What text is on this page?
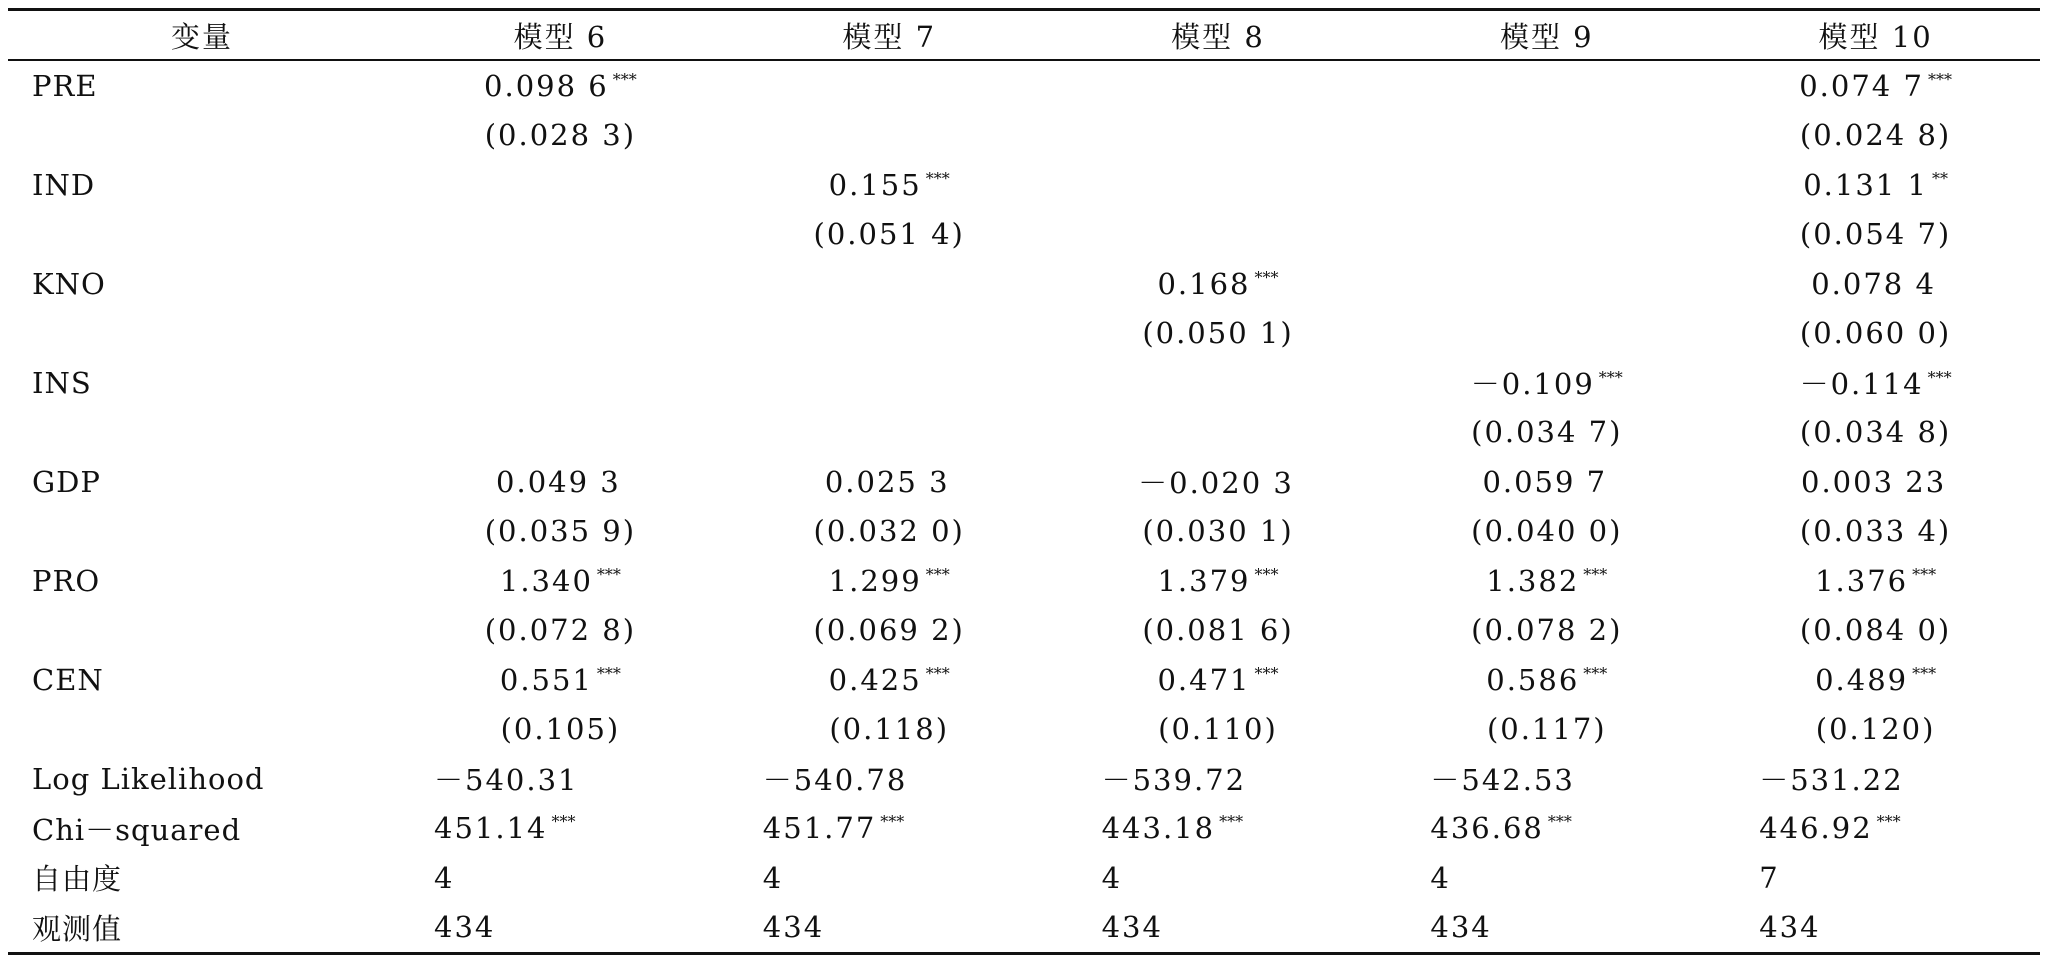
变量	模型 6	模型 7	模型 8	模型 9	模型 10
PRE	0.098 6 ***				0.074 7 ***
	(0.028 3)				(0.024 8)
IND		0.155 ***			0.131 1 **
		(0.051 4)			(0.054 7)
KNO			0.168 ***		0.078 4
			(0.050 1)		(0.060 0)
INS				－0.109 ***	－0.114 ***
				(0.034 7)	(0.034 8)
GDP	0.049 3	0.025 3	－0.020 3	0.059 7	0.003 23
	(0.035 9)	(0.032 0)	(0.030 1)	(0.040 0)	(0.033 4)
PRO	1.340 ***	1.299 ***	1.379 ***	1.382 ***	1.376 ***
	(0.072 8)	(0.069 2)	(0.081 6)	(0.078 2)	(0.084 0)
CEN	0.551 ***	0.425 ***	0.471 ***	0.586 ***	0.489 ***
	(0.105)	(0.118)	(0.110)	(0.117)	(0.120)
Log Likelihood	－540.31	－540.78	－539.72	－542.53	－531.22
Chi－squared	451.14 ***	451.77 ***	443.18 ***	436.68 ***	446.92 ***
自由度	4	4	4	4	7
观测值	434	434	434	434	434
